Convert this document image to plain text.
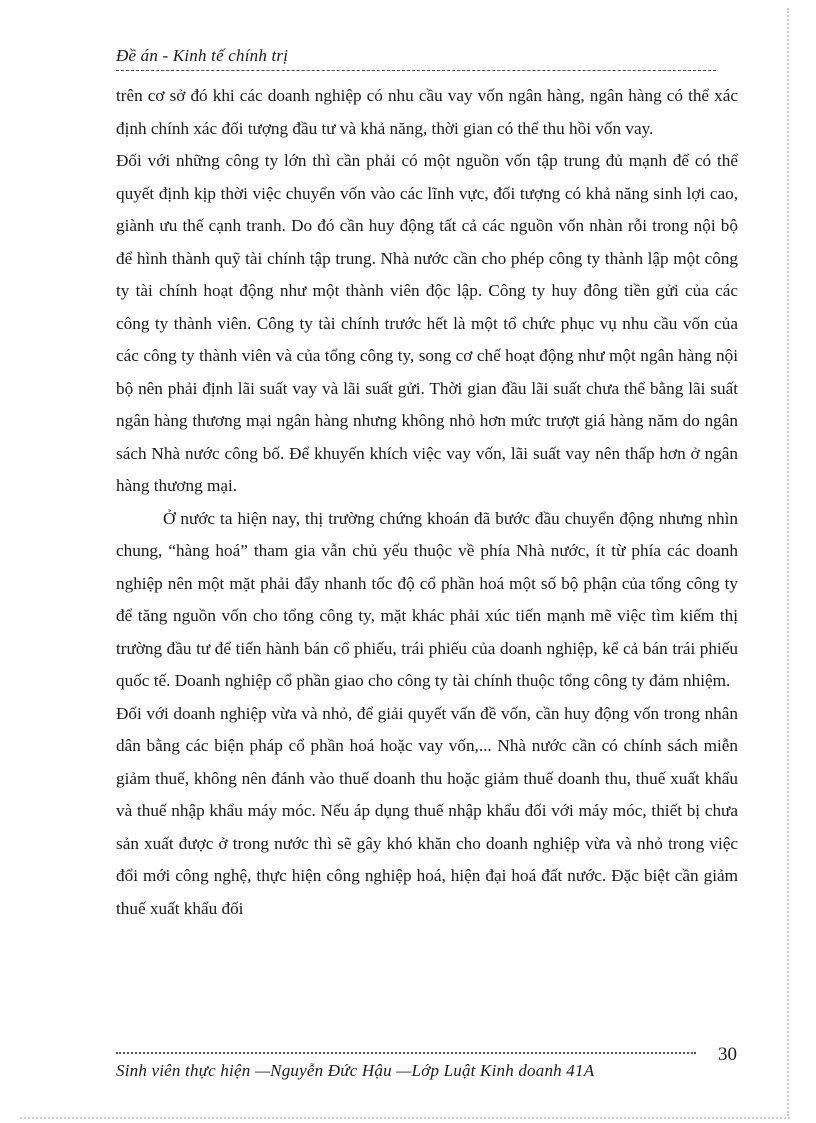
Đề án - Kinh tế chính trị

trên cơ sở đó khi các doanh nghiệp có nhu cầu vay vốn ngân hàng, ngân hàng có thể xác định chính xác đối tượng đầu tư và khả năng, thời gian có thể thu hồi vốn vay.

Đối với những công ty lớn thì cần phải có một nguồn vốn tập trung đủ mạnh để có thể quyết định kịp thời việc chuyển vốn vào các lĩnh vực, đối tượng có khả năng sinh lợi cao, giành ưu thế cạnh tranh. Do đó cần huy động tất cả các nguồn vốn nhàn rỗi trong nội bộ để hình thành quỹ tài chính tập trung. Nhà nước cần cho phép công ty thành lập một công ty tài chính hoạt động như một thành viên độc lập. Công ty huy đông tiền gửi của các công ty thành viên. Công ty tài chính trước hết là một tổ chức phục vụ nhu cầu vốn của các công ty thành viên và của tổng công ty, song cơ chế hoạt động như một ngân hàng nội bộ nên phải định lãi suất vay và lãi suất gửi. Thời gian đầu lãi suất chưa thể bằng lãi suất ngân hàng thương mại ngân hàng nhưng không nhỏ hơn mức trượt giá hàng năm do ngân sách Nhà nước công bố. Để khuyến khích việc vay vốn, lãi suất vay nên thấp hơn ở ngân hàng thương mại.

Ở nước ta hiện nay, thị trường chứng khoán đã bước đầu chuyển động nhưng nhìn chung, “hàng hoá” tham gia vẫn chủ yếu thuộc về phía Nhà nước, ít từ phía các doanh nghiệp nên một mặt phải đẩy nhanh tốc độ cổ phần hoá một số bộ phận của tổng công ty để tăng nguồn vốn cho tổng công ty, mặt khác phải xúc tiến mạnh mẽ việc tìm kiếm thị trường đầu tư để tiến hành bán cổ phiếu, trái phiếu của doanh nghiệp, kể cả bán trái phiếu quốc tế. Doanh nghiệp cổ phần giao cho công ty tài chính thuộc tổng công ty đảm nhiệm.

Đối với doanh nghiệp vừa và nhỏ, để giải quyết vấn đề vốn, cần huy động vốn trong nhân dân bằng các biện pháp cổ phần hoá hoặc vay vốn,... Nhà nước cần có chính sách miễn giảm thuế, không nên đánh vào thuế doanh thu hoặc giảm thuế doanh thu, thuế xuất khẩu và thuế nhập khẩu máy móc. Nếu áp dụng thuế nhập khẩu đối với máy móc, thiết bị chưa sản xuất được ở trong nước thì sẽ gây khó khăn cho doanh nghiệp vừa và nhỏ trong việc đổi mới công nghệ, thực hiện công nghiệp hoá, hiện đại hoá đất nước. Đặc biệt cần giảm thuế xuất khẩu đối

30
Sinh viên thực hiện —Nguyễn Đức Hậu —Lớp Luật Kinh doanh 41A
